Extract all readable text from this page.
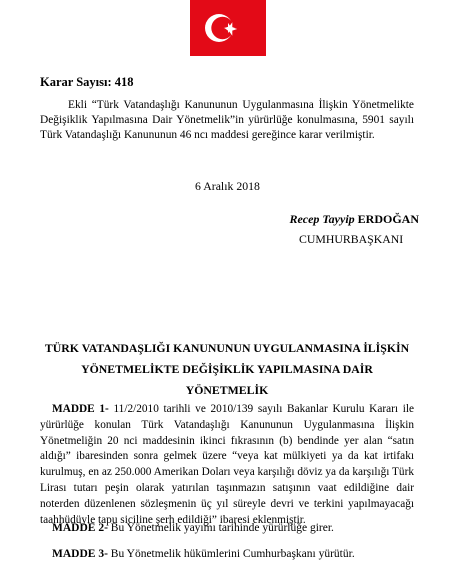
Karar Sayısı: 418
Ekli “Türk Vatandaşlığı Kanununun Uygulanmasına İlişkin Yönetmelikte Değişiklik Yapılmasına Dair Yönetmelik”in yürürlüğe konulmasına, 5901 sayılı Türk Vatandaşlığı Kanununun 46 ncı maddesi gereğince karar verilmiştir.
6 Aralık 2018
Recep Tayyip ERDOĞAN
CUMHURBAŞKANI
TÜRK VATANDAŞLIĞI KANUNUNUN UYGULANMASINA İLİŞKİN
YÖNETMELİKTE DEĞİŞİKLİK YAPILMASINA DAİR YÖNETMELİK
MADDE 1- 11/2/2010 tarihli ve 2010/139 sayılı Bakanlar Kurulu Kararı ile yürürlüğe konulan Türk Vatandaşlığı Kanununun Uygulanmasına İlişkin Yönetmeliğin 20 nci maddesinin ikinci fıkrasının (b) bendinde yer alan “satın aldığı” ibaresinden sonra gelmek üzere “veya kat mülkiyeti ya da kat irtifakı kurulmuş, en az 250.000 Amerikan Doları veya karşılığı döviz ya da karşılığı Türk Lirası tutarı peşin olarak yatırılan taşınmazın satışının vaat edildiğine dair noterden düzenlenen sözleşmenin üç yıl süreyle devri ve terkini yapılmayacağı taahhüdüyle tapu siciline şerh edildiği” ibaresi eklenmiştir.
MADDE 2- Bu Yönetmelik yayımı tarihinde yürürlüğe girer.
MADDE 3- Bu Yönetmelik hükümlerini Cumhurbaşkanı yürütür.
